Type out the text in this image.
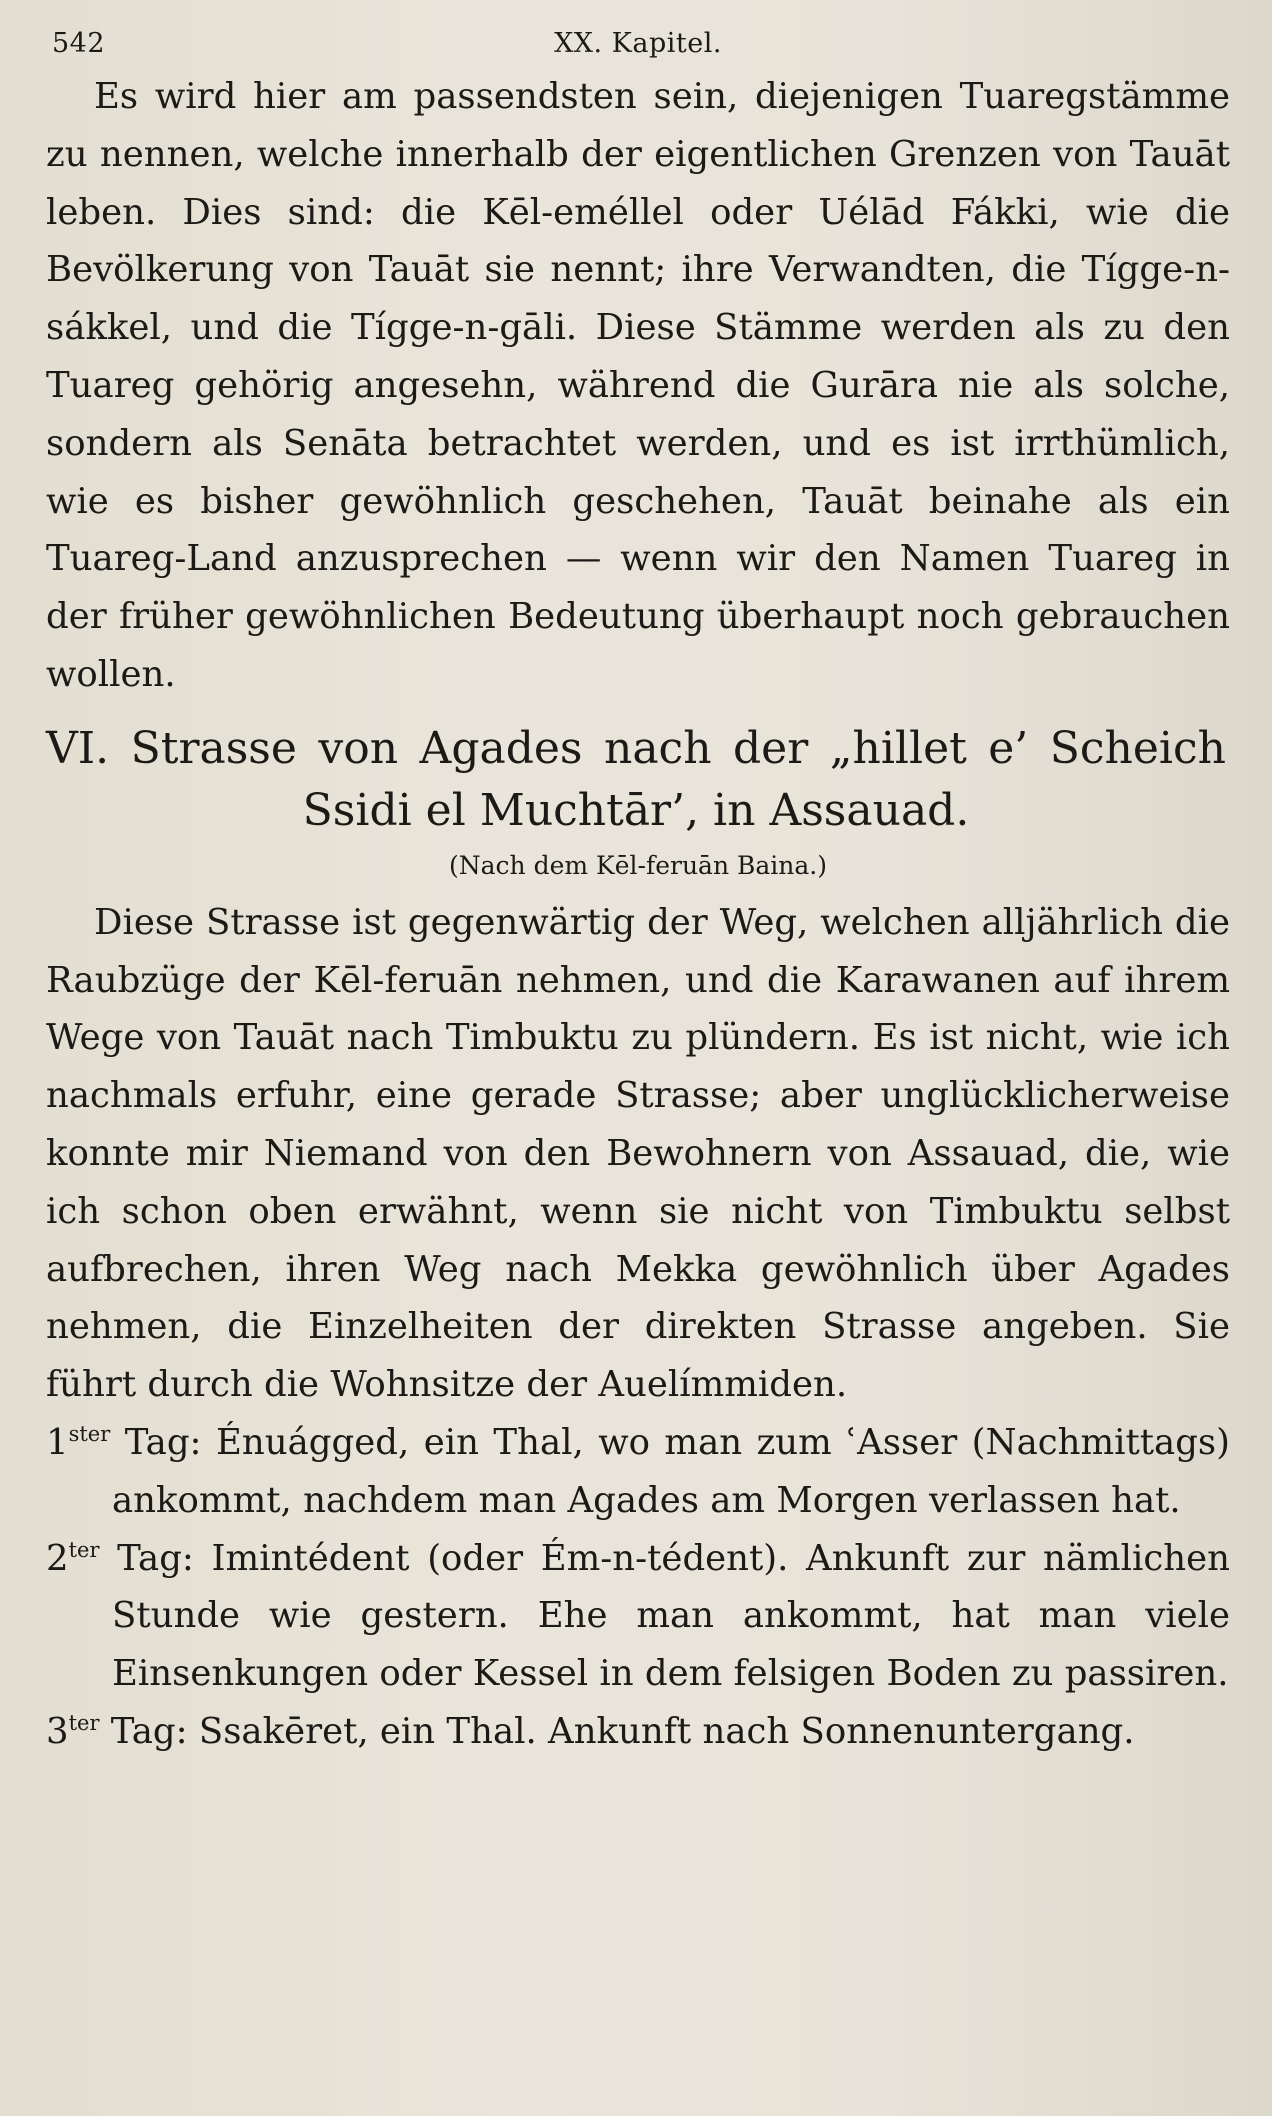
542	XX. Kapitel.

Es wird hier am passendsten sein, diejenigen Tuaregstämme zu nennen, welche innerhalb der eigentlichen Grenzen von Tauāt leben. Dies sind: die Kēl-eméllel oder Uélād Fákki, wie die Bevölkerung von Tauāt sie nennt; ihre Verwandten, die Tígge-n-sákkel, und die Tígge-n-gāli. Diese Stämme werden als zu den Tuareg gehörig angesehn, während die Gurāra nie als solche, sondern als Senāta betrachtet werden, und es ist irrthümlich, wie es bisher gewöhnlich geschehen, Tauāt beinahe als ein Tuareg-Land anzusprechen — wenn wir den Namen Tuareg in der früher gewöhnlichen Bedeutung überhaupt noch gebrauchen wollen.

VI. Strasse von Agades nach der „hillet e’ Scheich
Ssidi el Muchtār’, in Assauad.

(Nach dem Kēl-feruān Baina.)

Diese Strasse ist gegenwärtig der Weg, welchen alljährlich die Raubzüge der Kēl-feruān nehmen, und die Karawanen auf ihrem Wege von Tauāt nach Timbuktu zu plündern. Es ist nicht, wie ich nachmals erfuhr, eine gerade Strasse; aber unglücklicherweise konnte mir Niemand von den Bewohnern von Assauad, die, wie ich schon oben erwähnt, wenn sie nicht von Timbuktu selbst aufbrechen, ihren Weg nach Mekka gewöhnlich über Agades nehmen, die Einzelheiten der direkten Strasse angeben. Sie führt durch die Wohnsitze der Auelímmiden.

$1^{ster}$ Tag: Énuágged, ein Thal, wo man zum ʿAsser (Nachmittags) ankommt, nachdem man Agades am Morgen verlassen hat.

$2^{ter}$ Tag: Imintédent (oder Ém-n-tédent). Ankunft zur nämlichen Stunde wie gestern. Ehe man ankommt, hat man viele Einsenkungen oder Kessel in dem felsigen Boden zu passiren.

$3^{ter}$ Tag: Ssakēret, ein Thal. Ankunft nach Sonnenuntergang.
